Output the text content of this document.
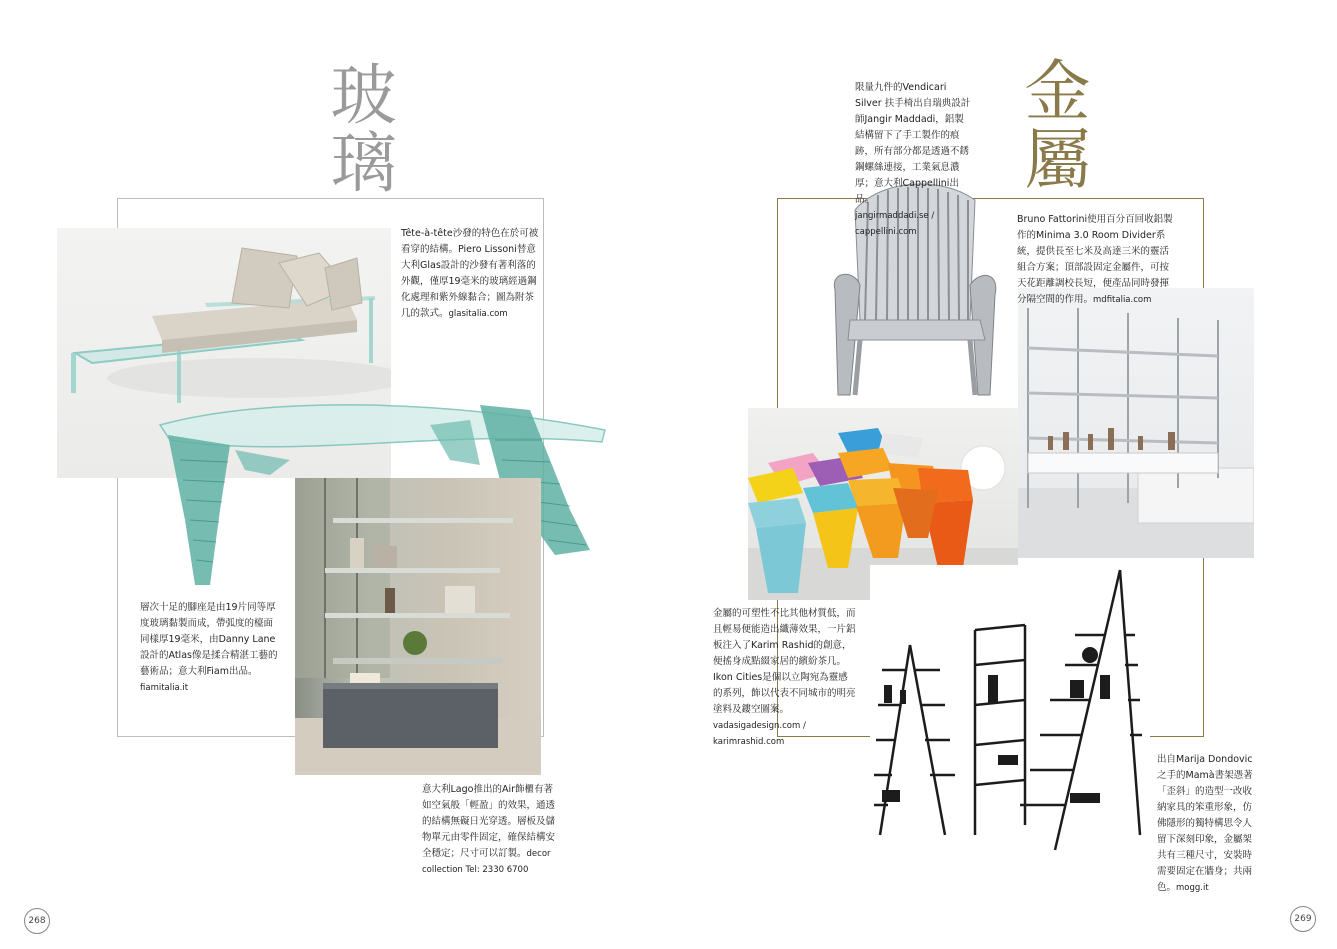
玻璃	金屬
Tête-à-tête沙發的特色在於可被看穿的結構。Piero Lissoni替意大利Glas設計的沙發有著利落的外觀，僅厚19毫米的玻璃經過鋼化處理和紫外線黏合；圖為附茶几的款式。glasitalia.com
層次十足的腳座是由19片同等厚度玻璃黏製而成，帶弧度的檯面同樣厚19毫米，由Danny Lane設計的Atlas像是揉合精湛工藝的藝術品；意大利Fiam出品。fiamitalia.it
意大利Lago推出的Air飾櫃有著如空氣般「輕盈」的效果，通透的結構無礙日光穿透。層板及儲物單元由零件固定，確保結構安全穩定；尺寸可以訂製。decor collection Tel: 2330 6700
268
限量九件的Vendicari Silver 扶手椅出自瑞典設計師Jangir Maddadi，鋁製結構留下了手工製作的痕跡，所有部分都是透過不銹鋼螺絲連接，工業氣息濃厚；意大利Cappellini出品。
jangirmaddadi.se / cappellini.com
Bruno Fattorini使用百分百回收鋁製作的Minima 3.0 Room Divider系統，提供長至七米及高達三米的靈活組合方案；頂部設固定金屬件，可按天花距離調校長短，便產品同時發揮分隔空間的作用。mdfitalia.com
金屬的可塑性不比其他材質低，而且輕易便能造出纖薄效果，一片鋁板注入了Karim Rashid的創意，便搖身成點綴家居的繽紛茶几。Ikon Cities是個以立陶宛為靈感的系列，飾以代表不同城市的明亮塗料及鏤空圖案。
vadasigadesign.com / karimrashid.com
出自Marija Dondovic之手的Mamà書架憑著「歪斜」的造型一改收納家具的笨重形象，仿佛隱形的獨特構思令人留下深刻印象，金屬架共有三種尺寸，安裝時需要固定在牆身；共兩色。mogg.it
269
